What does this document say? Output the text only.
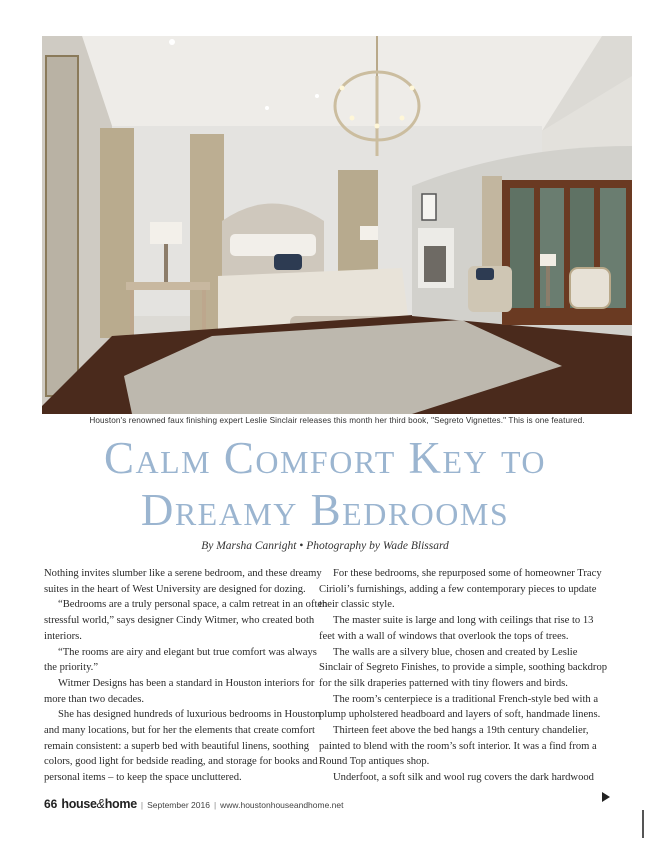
Houston's renowned faux finishing expert Leslie Sinclair releases this month her third book, "Segreto Vignettes." This is one featured.
Calm Comfort Key to
Dreamy Bedrooms
By Marsha Canright • Photography by Wade Blissard

Nothing invites slumber like a serene bedroom, and these dreamy suites in the heart of West University are designed for dozing.

“Bedrooms are a truly personal space, a calm retreat in an often stressful world,” says designer Cindy Witmer, who created both interiors.

“The rooms are airy and elegant but true comfort was always the priority.”

Witmer Designs has been a standard in Houston interiors for more than two decades.

She has designed hundreds of luxurious bedrooms in Houston and many locations, but for her the elements that create comfort remain consistent: a superb bed with beautiful linens, soothing colors, good light for bedside reading, and storage for books and personal items – to keep the space uncluttered.

For these bedrooms, she repurposed some of homeowner Tracy Cirioli’s furnishings, adding a few contemporary pieces to update their classic style.

The master suite is large and long with ceilings that rise to 13 feet with a wall of windows that overlook the tops of trees.

The walls are a silvery blue, chosen and created by Leslie Sinclair of Segreto Finishes, to provide a simple, soothing backdrop for the silk draperies patterned with tiny flowers and birds.

The room’s centerpiece is a traditional French-style bed with a plump upholstered headboard and layers of soft, handmade linens.

Thirteen feet above the bed hangs a 19th century chandelier, painted to blend with the room’s soft interior. It was a find from a Round Top antiques shop.

Underfoot, a soft silk and wool rug covers the dark hardwood

66 house&home | September 2016 | www.houstonhouseandhome.net
